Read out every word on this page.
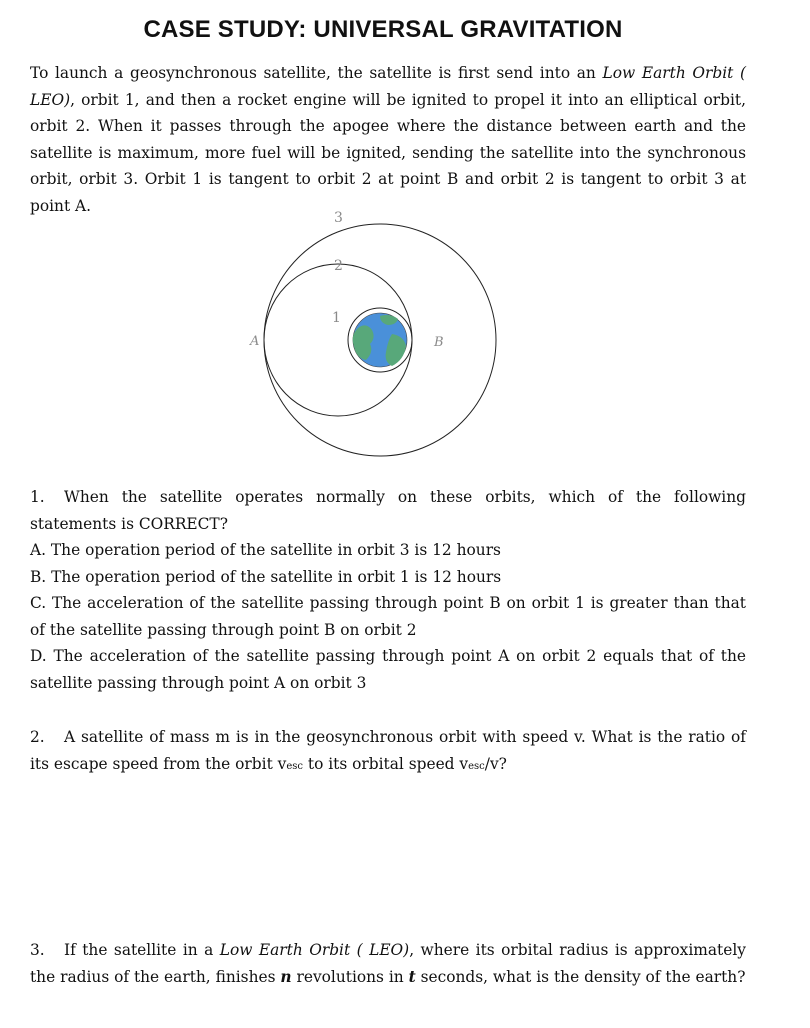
CASE STUDY: UNIVERSAL GRAVITATION
To launch a geosynchronous satellite, the satellite is first send into an Low Earth Orbit ( LEO), orbit 1, and then a rocket engine will be ignited to propel it into an elliptical orbit, orbit 2. When it passes through the apogee where the distance between earth and the satellite is maximum, more fuel will be ignited, sending the satellite into the synchronous orbit, orbit 3. Orbit 1 is tangent to orbit 2 at point B and orbit 2 is tangent to orbit 3 at point A.
3
2
1
A	B

1. When the satellite operates normally on these orbits, which of the following statements is CORRECT?

A. The operation period of the satellite in orbit 3 is 12 hours

B. The operation period of the satellite in orbit 1 is 12 hours

C. The acceleration of the satellite passing through point B on orbit 1 is greater than that of the satellite passing through point B on orbit 2

D. The acceleration of the satellite passing through point A on orbit 2 equals that of the satellite passing through point A on orbit 3

2. A satellite of mass m is in the geosynchronous orbit with speed v. What is the ratio of its escape speed from the orbit vesc to its orbital speed vesc/v?

3. If the satellite in a Low Earth Orbit ( LEO), where its orbital radius is approximately the radius of the earth, finishes n revolutions in t seconds, what is the density of the earth?
